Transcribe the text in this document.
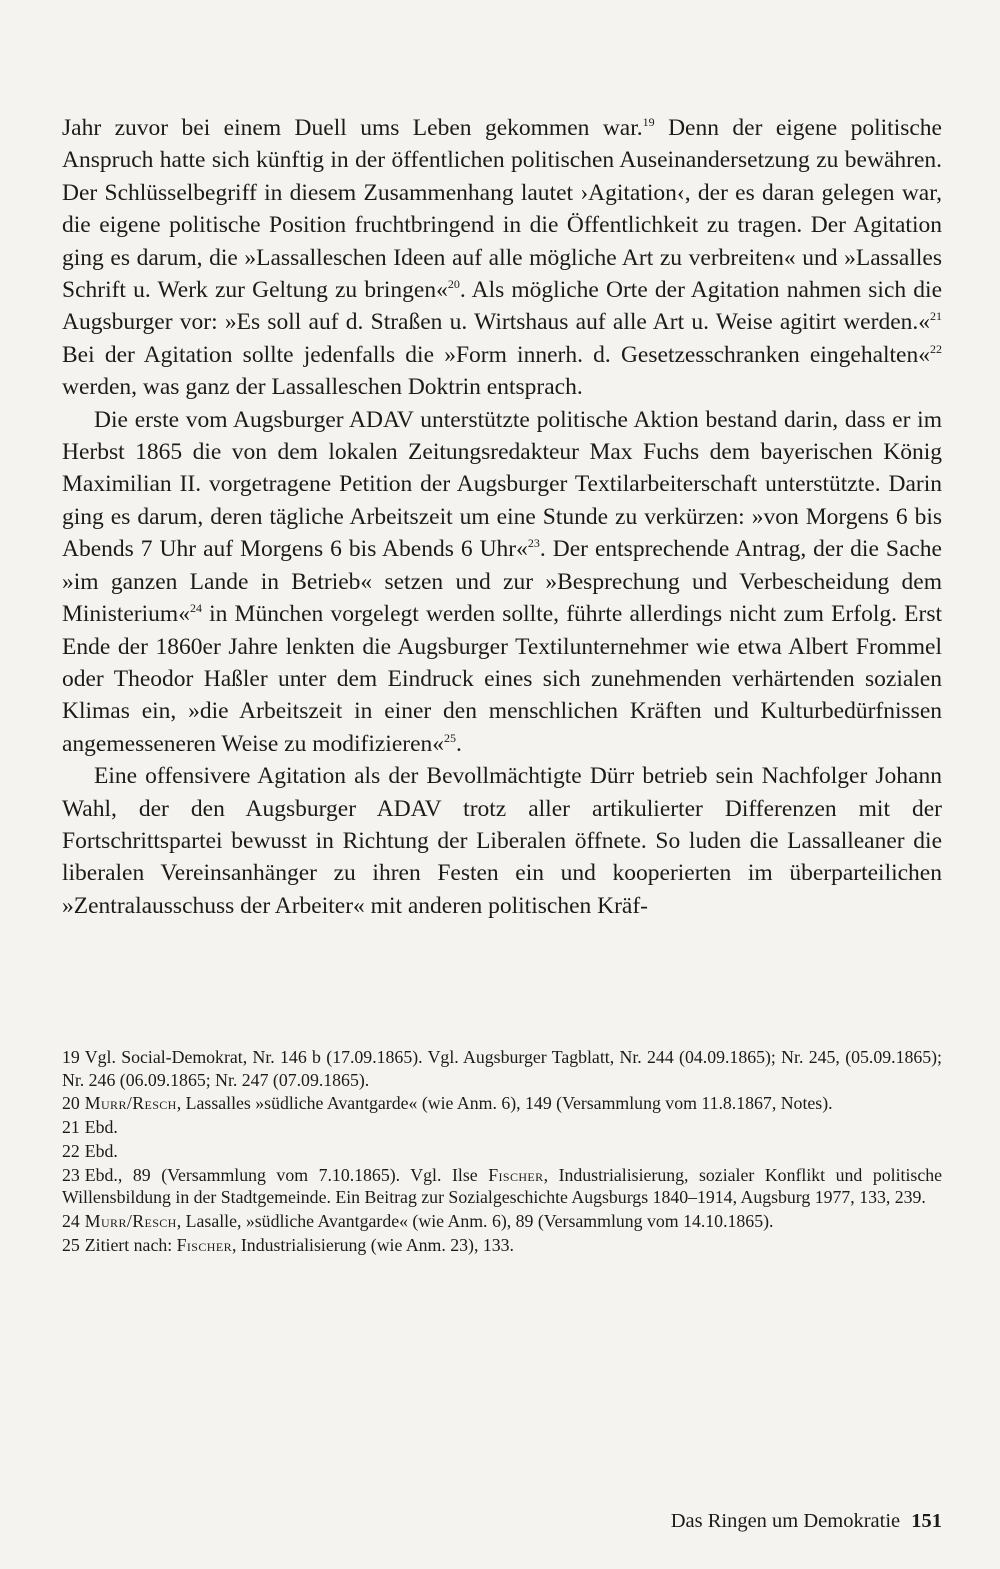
Jahr zuvor bei einem Duell ums Leben gekommen war.$^{19}$ Denn der eigene politische Anspruch hatte sich künftig in der öffentlichen politischen Auseinandersetzung zu bewähren. Der Schlüsselbegriff in diesem Zusammenhang lautet ›Agitation‹, der es daran gelegen war, die eigene politische Position fruchtbringend in die Öffentlichkeit zu tragen. Der Agitation ging es darum, die »Lassalleschen Ideen auf alle mögliche Art zu verbreiten« und »Lassalles Schrift u. Werk zur Geltung zu bringen«$^{20}$. Als mögliche Orte der Agitation nahmen sich die Augsburger vor: »Es soll auf d. Straßen u. Wirtshaus auf alle Art u. Weise agitirt werden.«$^{21}$ Bei der Agitation sollte jedenfalls die »Form innerh. d. Gesetzesschranken eingehalten«$^{22}$ werden, was ganz der Lassalleschen Doktrin entsprach.

Die erste vom Augsburger ADAV unterstützte politische Aktion bestand darin, dass er im Herbst 1865 die von dem lokalen Zeitungsredakteur Max Fuchs dem bayerischen König Maximilian II. vorgetragene Petition der Augsburger Textilarbeiterschaft unterstützte. Darin ging es darum, deren tägliche Arbeitszeit um eine Stunde zu verkürzen: »von Morgens 6 bis Abends 7 Uhr auf Morgens 6 bis Abends 6 Uhr«$^{23}$. Der entsprechende Antrag, der die Sache »im ganzen Lande in Betrieb« setzen und zur »Besprechung und Verbescheidung dem Ministerium«$^{24}$ in München vorgelegt werden sollte, führte allerdings nicht zum Erfolg. Erst Ende der 1860er Jahre lenkten die Augsburger Textilunternehmer wie etwa Albert Frommel oder Theodor Haßler unter dem Eindruck eines sich zunehmenden verhärtenden sozialen Klimas ein, »die Arbeitszeit in einer den menschlichen Kräften und Kulturbedürfnissen angemesseneren Weise zu modifizieren«$^{25}$.

Eine offensivere Agitation als der Bevollmächtigte Dürr betrieb sein Nachfolger Johann Wahl, der den Augsburger ADAV trotz aller artikulierter Differenzen mit der Fortschrittspartei bewusst in Richtung der Liberalen öffnete. So luden die Lassalleaner die liberalen Vereinsanhänger zu ihren Festen ein und kooperierten im überparteilichen »Zentralausschuss der Arbeiter« mit anderen politischen Kräf-

19 Vgl. Social-Demokrat, Nr. 146 b (17.09.1865). Vgl. Augsburger Tagblatt, Nr. 244 (04.09.1865); Nr. 245, (05.09.1865); Nr. 246 (06.09.1865; Nr. 247 (07.09.1865).
20 Murr/Resch, Lassalles »südliche Avantgarde« (wie Anm. 6), 149 (Versammlung vom 11.8.1867, Notes).
21 Ebd.
22 Ebd.
23 Ebd., 89 (Versammlung vom 7.10.1865). Vgl. Ilse Fischer, Industrialisierung, sozialer Konflikt und politische Willensbildung in der Stadtgemeinde. Ein Beitrag zur Sozialgeschichte Augsburgs 1840–1914, Augsburg 1977, 133, 239.
24 Murr/Resch, Lasalle, »südliche Avantgarde« (wie Anm. 6), 89 (Versammlung vom 14.10.1865).
25 Zitiert nach: Fischer, Industrialisierung (wie Anm. 23), 133.
Das Ringen um Demokratie 151
